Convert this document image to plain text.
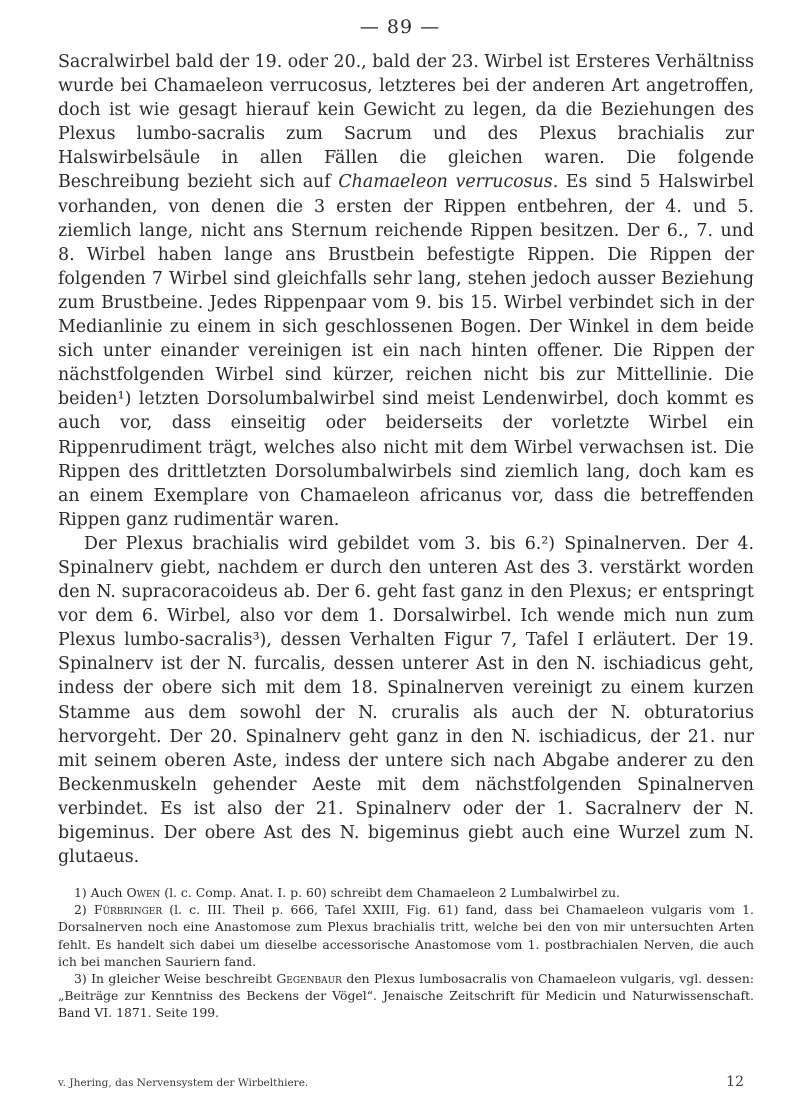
— 89 —

Sacralwirbel bald der 19. oder 20., bald der 23. Wirbel ist Ersteres Verhältniss wurde bei Chamaeleon verrucosus, letzteres bei der anderen Art angetroffen, doch ist wie gesagt hierauf kein Gewicht zu legen, da die Beziehungen des Plexus lumbo-sacralis zum Sacrum und des Plexus brachialis zur Halswirbelsäule in allen Fällen die gleichen waren. Die folgende Beschreibung bezieht sich auf Chamaeleon verrucosus. Es sind 5 Halswirbel vorhanden, von denen die 3 ersten der Rippen entbehren, der 4. und 5. ziemlich lange, nicht ans Sternum reichende Rippen besitzen. Der 6., 7. und 8. Wirbel haben lange ans Brustbein befestigte Rippen. Die Rippen der folgenden 7 Wirbel sind gleichfalls sehr lang, stehen jedoch ausser Beziehung zum Brustbeine. Jedes Rippenpaar vom 9. bis 15. Wirbel verbindet sich in der Medianlinie zu einem in sich geschlossenen Bogen. Der Winkel in dem beide sich unter einander vereinigen ist ein nach hinten offener. Die Rippen der nächstfolgenden Wirbel sind kürzer, reichen nicht bis zur Mittellinie. Die beiden¹) letzten Dorsolumbalwirbel sind meist Lendenwirbel, doch kommt es auch vor, dass einseitig oder beiderseits der vorletzte Wirbel ein Rippenrudiment trägt, welches also nicht mit dem Wirbel verwachsen ist. Die Rippen des drittletzten Dorsolumbalwirbels sind ziemlich lang, doch kam es an einem Exemplare von Chamaeleon africanus vor, dass die betreffenden Rippen ganz rudimentär waren.

Der Plexus brachialis wird gebildet vom 3. bis 6.²) Spinalnerven. Der 4. Spinalnerv giebt, nachdem er durch den unteren Ast des 3. verstärkt worden den N. supracoracoideus ab. Der 6. geht fast ganz in den Plexus; er entspringt vor dem 6. Wirbel, also vor dem 1. Dorsalwirbel. Ich wende mich nun zum Plexus lumbo-sacralis³), dessen Verhalten Figur 7, Tafel I erläutert. Der 19. Spinalnerv ist der N. furcalis, dessen unterer Ast in den N. ischiadicus geht, indess der obere sich mit dem 18. Spinalnerven vereinigt zu einem kurzen Stamme aus dem sowohl der N. cruralis als auch der N. obturatorius hervorgeht. Der 20. Spinalnerv geht ganz in den N. ischiadicus, der 21. nur mit seinem oberen Aste, indess der untere sich nach Abgabe anderer zu den Beckenmuskeln gehender Aeste mit dem nächstfolgenden Spinalnerven verbindet. Es ist also der 21. Spinalnerv oder der 1. Sacralnerv der N. bigeminus. Der obere Ast des N. bigeminus giebt auch eine Wurzel zum N. glutaeus.

1) Auch Owen (l. c. Comp. Anat. I. p. 60) schreibt dem Chamaeleon 2 Lumbalwirbel zu.

2) Fürbringer (l. c. III. Theil p. 666, Tafel XXIII, Fig. 61) fand, dass bei Chamaeleon vulgaris vom 1. Dorsalnerven noch eine Anastomose zum Plexus brachialis tritt, welche bei den von mir untersuchten Arten fehlt. Es handelt sich dabei um dieselbe accessorische Anastomose vom 1. postbrachialen Nerven, die auch ich bei manchen Sauriern fand.

3) In gleicher Weise beschreibt Gegenbaur den Plexus lumbosacralis von Chamaeleon vulgaris, vgl. dessen: „Beiträge zur Kenntniss des Beckens der Vögel“. Jenaische Zeitschrift für Medicin und Naturwissenschaft. Band VI. 1871. Seite 199.

v. Jhering, das Nervensystem der Wirbelthiere.	12
